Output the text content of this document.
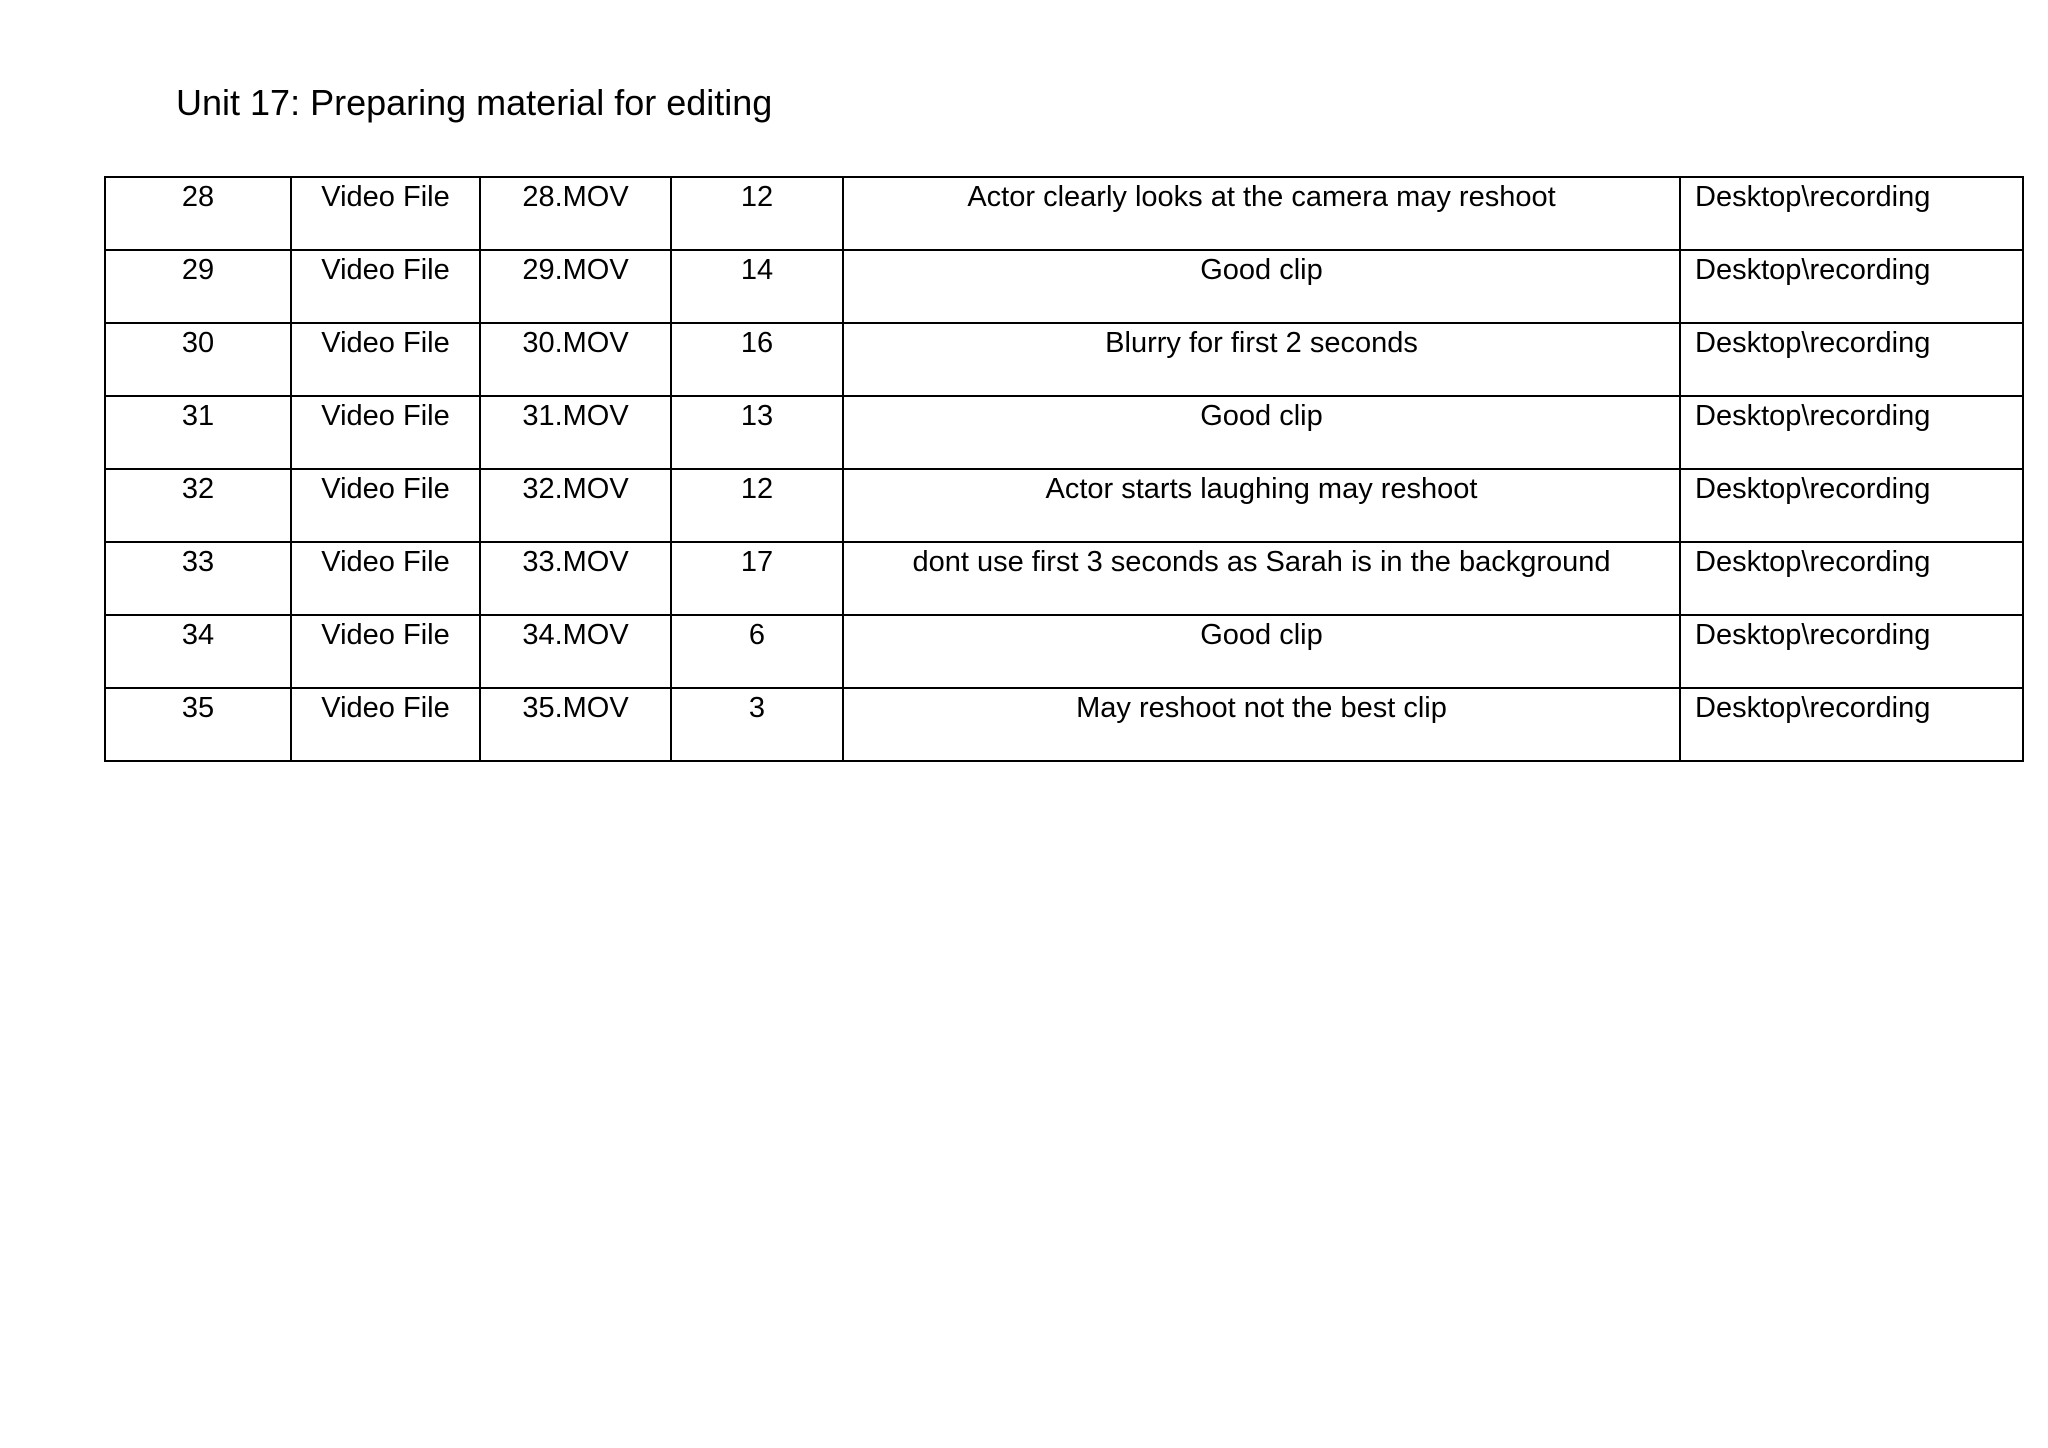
Unit 17: Preparing material for editing
28	Video File	28.MOV	12	Actor clearly looks at the camera may reshoot	Desktop\recording
29	Video File	29.MOV	14	Good clip	Desktop\recording
30	Video File	30.MOV	16	Blurry for first 2 seconds	Desktop\recording
31	Video File	31.MOV	13	Good clip	Desktop\recording
32	Video File	32.MOV	12	Actor starts laughing may reshoot	Desktop\recording
33	Video File	33.MOV	17	dont use first 3 seconds as Sarah is in the background	Desktop\recording
34	Video File	34.MOV	6	Good clip	Desktop\recording
35	Video File	35.MOV	3	May reshoot not the best clip	Desktop\recording
